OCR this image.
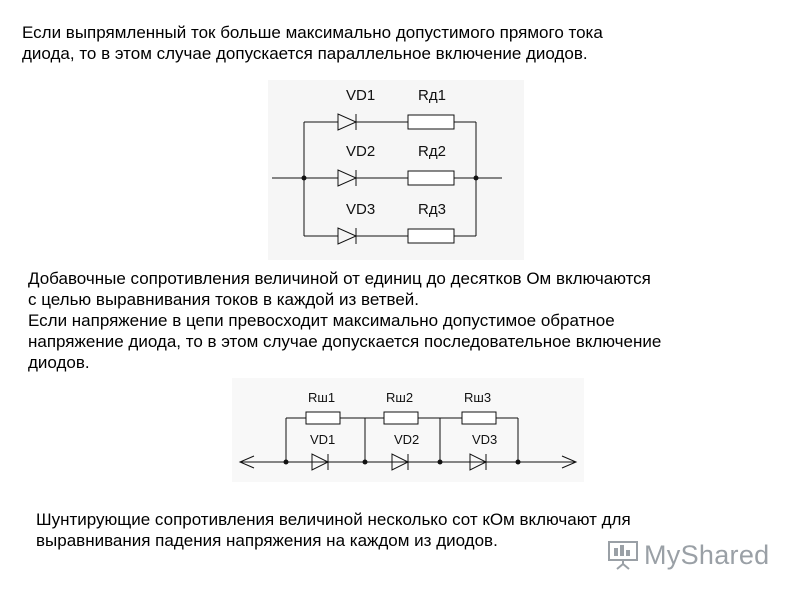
Если выпрямленный ток больше максимально допустимого прямого тока
диода, то в этом случае допускается параллельное включение диодов.

VD1	Rд1
VD2	Rд2
VD3	Rд3

Добавочные сопротивления величиной от единиц до десятков Ом включаются
с целью выравнивания токов в каждой из ветвей.
Если напряжение в цепи превосходит максимально допустимое обратное
напряжение диода, то в этом случае допускается последовательное включение
диодов.

Rш1	Rш2	Rш3
VD1	VD2	VD3

Шунтирующие сопротивления величиной несколько сот кОм включают для
выравнивания падения напряжения на каждом из диодов.	MyShared
